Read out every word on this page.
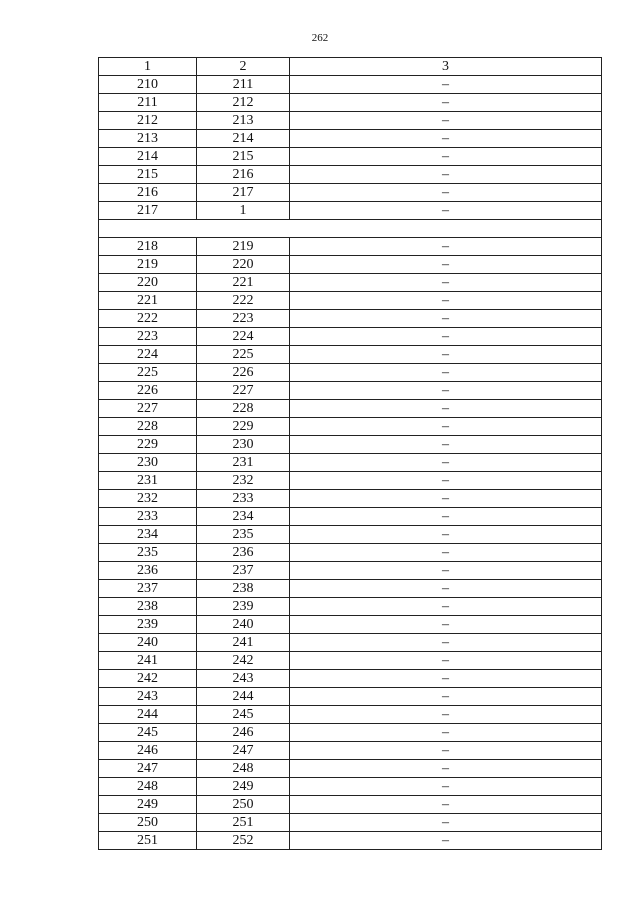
262
1	2	3
210	211	–
211	212	–
212	213	–
213	214	–
214	215	–
215	216	–
216	217	–
217	1	–

218	219	–
219	220	–
220	221	–
221	222	–
222	223	–
223	224	–
224	225	–
225	226	–
226	227	–
227	228	–
228	229	–
229	230	–
230	231	–
231	232	–
232	233	–
233	234	–
234	235	–
235	236	–
236	237	–
237	238	–
238	239	–
239	240	–
240	241	–
241	242	–
242	243	–
243	244	–
244	245	–
245	246	–
246	247	–
247	248	–
248	249	–
249	250	–
250	251	–
251	252	–
